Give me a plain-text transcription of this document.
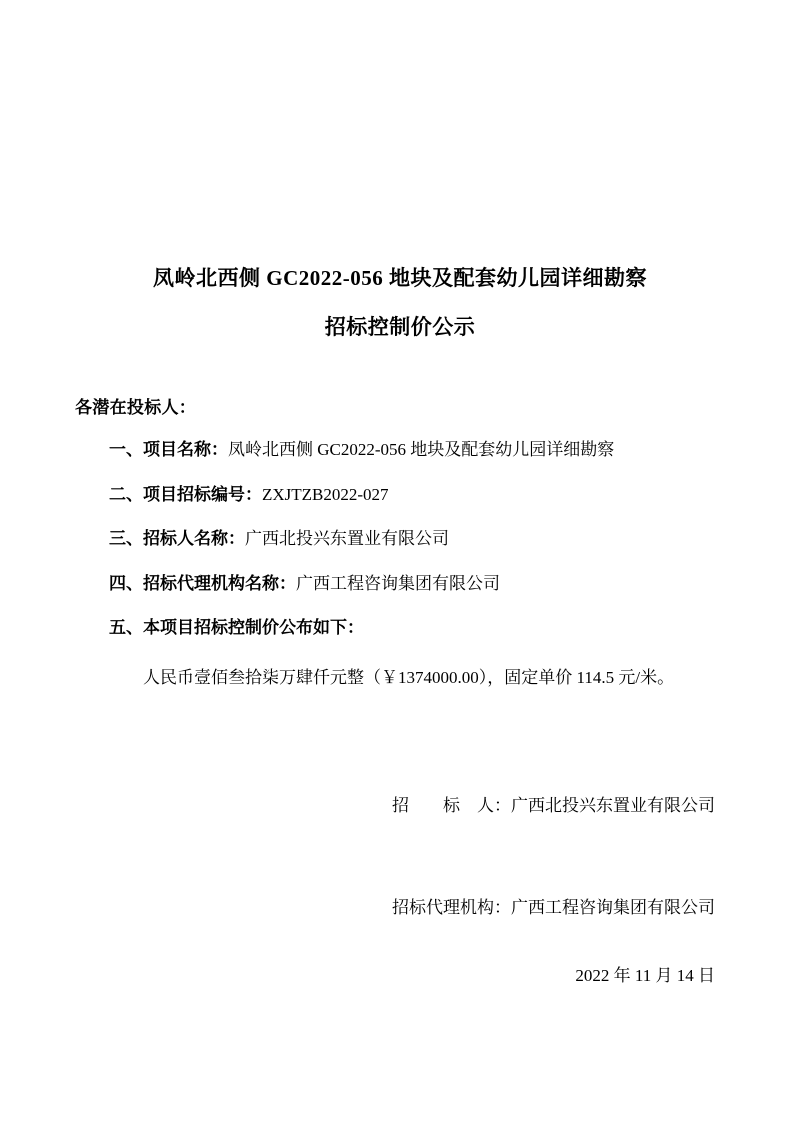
凤岭北西侧 GC2022-056 地块及配套幼儿园详细勘察
招标控制价公示
各潜在投标人：
一、项目名称：凤岭北西侧 GC2022-056 地块及配套幼儿园详细勘察
二、项目招标编号：ZXJTZB2022-027
三、招标人名称：广西北投兴东置业有限公司
四、招标代理机构名称：广西工程咨询集团有限公司
五、本项目招标控制价公布如下：
人民币壹佰叁拾柒万肆仟元整（￥1374000.00），固定单价 114.5 元/米。

招　　标　人：广西北投兴东置业有限公司

招标代理机构：广西工程咨询集团有限公司

2022 年 11 月 14 日
